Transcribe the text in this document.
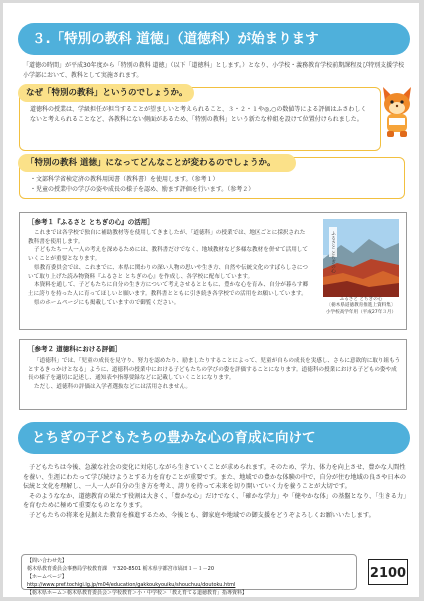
３.「特別の教科 道徳」（道徳科）が始まります
「道徳の時間」が平成30年度から「特別の教科 道徳」（以下「道徳科」とします。）となり、小学校・義務教育学校前期課程及び特別支援学校小学部において、教科として実施されます。
なぜ「特別の教科」というのでしょうか。
道徳科の授業は、学級担任が担当することが望ましいと考えられること、３・２・１や◎,○の数値等による評価はふさわしくないと考えられることなど、各教科にない側面があるため、「特別の教科」という新たな枠組を設けて位置付けられました。
「特別の教科 道徳」になってどんなことが変わるのでしょうか。
・文部科学省検定済の教科用図書（教科書）を使用します。（参考１）
・児童の授業中の学びの姿や成長の様子を認め、励ます評価を行います。（参考２）
［参考１『ふるさと とちぎの心』の活用］
これまでは各学校で独自に補助教材等を使用してきましたが、「道徳科」の授業では、地区ごとに採択された教科書を使用します。
子どもたち一人一人の考えを深めるためには、教科書だけでなく、地域教材など多様な教材を併せて活用していくことが重要となります。
県教育委員会では、これまでに、本県に関わりの深い人物の思いや生き方、自然や伝統文化のすばらしさについて取り上げた読み物資料『ふるさと とちぎの心』を作成し、各学校に配布しています。
本資料を通して、子どもたちに自分の生き方について考えさせるとともに、豊かな心を育み、自分が暮らす郷土に誇りを持った人に育ってほしいと願います。教科書とともに引き続き各学校での活用をお願いしています。
県のホームページにも掲載していますので御覧ください。
ふるさと とちぎの心
ふるさと とちぎの心
〔栃木県道徳教育推進上資料集〕
小学校高学年用（平成27年３月）
［参考２ 道徳科における評価］
「道徳科」では、「児童の成長を見守り、努力を認めたり、励ましたりすることによって、児童が自らの成長を実感し、さらに意欲的に取り組もうとするきっかけとなる」ように、道徳科の授業中における子どもたちの学びの姿を評価することになります。道徳科の授業における子どもの姿や成長の様子を適切に記述し、通知表や指導要録などに記載していくことになります。
ただし、道徳科の評価は入学者選抜などには活用されません。
とちぎの子どもたちの豊かな心の育成に向けて
子どもたちは今後、急激な社会の変化に対応しながら生きていくことが求められます。そのため、学力、体力を向上させ、豊かな人間性を養い、生涯にわたって学び続けようとする力を育むことが重要です。また、地域での豊かな体験の中で、自分が住む地域の良さや日本の伝統と文化を理解し、一人一人が自分の生き方を考え、誇りを持って未来を切り開いていく力を養うことが大切です。
そのようななか、道徳教育の果たす役割は大きく、「豊かな心」だけでなく、「確かな学力」や「健やかな体」の基盤となり、「生きる力」を育むために極めて重要なものとなります。
子どもたちの将来を見据えた教育を推進するため、今後とも、御家庭や地域での御支援をどうぞよろしくお願いいたします。
【問い合わせ先】
栃木県教育委員会事務局学校教育課　〒320-8501 栃木県宇都宮市塙田１－１－20
【ホームページ】
http://www.pref.tochigi.lg.jp/m04/education/gakkoukyouiku/shouchuu/doutoku.html
【栃木県ホーム＞栃木県教育委員会＞学校教育＞小・中学校＞「教え育てる道徳教育」指導資料】
2100
